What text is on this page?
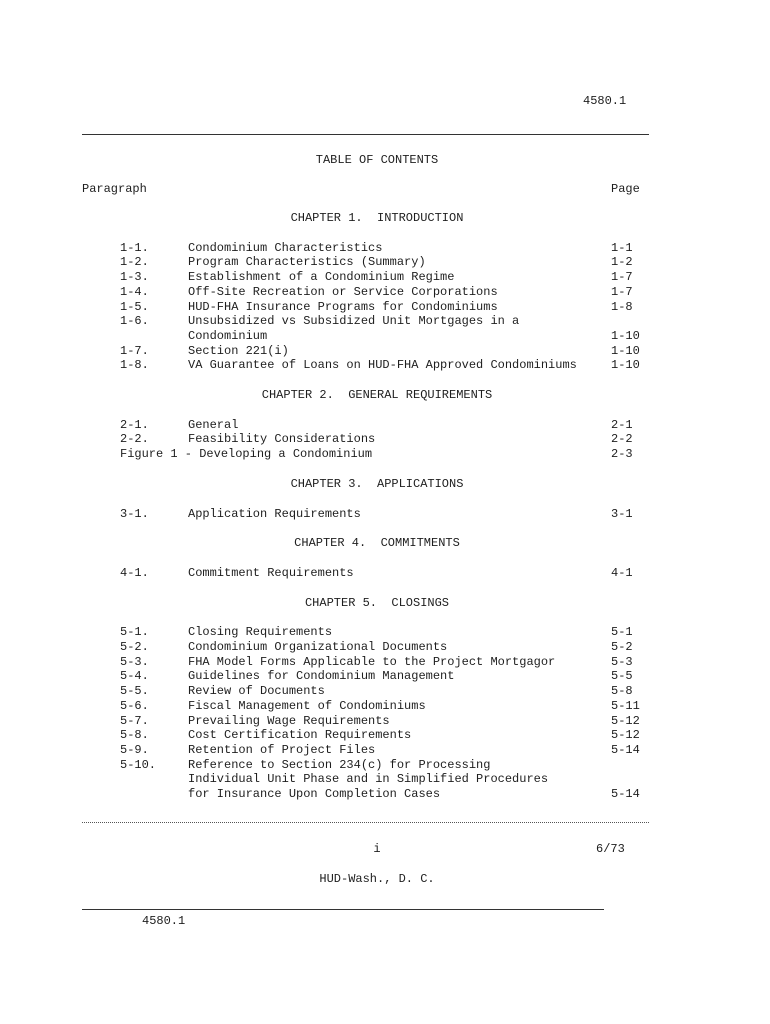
4580.1
TABLE OF CONTENTS
Paragraph	Page
CHAPTER 1.  INTRODUCTION
1-1.	Condominium Characteristics	1-1
1-2.	Program Characteristics (Summary)	1-2
1-3.	Establishment of a Condominium Regime	1-7
1-4.	Off-Site Recreation or Service Corporations	1-7
1-5.	HUD-FHA Insurance Programs for Condominiums	1-8
1-6.	Unsubsidized vs Subsidized Unit Mortgages in a
Condominium	1-10
1-7.	Section 221(i)	1-10
1-8.	VA Guarantee of Loans on HUD-FHA Approved Condominiums	1-10
CHAPTER 2.  GENERAL REQUIREMENTS
2-1.	General	2-1
2-2.	Feasibility Considerations	2-2
Figure 1 - Developing a Condominium	2-3
CHAPTER 3.  APPLICATIONS
3-1.	Application Requirements	3-1
CHAPTER 4.  COMMITMENTS
4-1.	Commitment Requirements	4-1
CHAPTER 5.  CLOSINGS
5-1.	Closing Requirements	5-1
5-2.	Condominium Organizational Documents	5-2
5-3.	FHA Model Forms Applicable to the Project Mortgagor	5-3
5-4.	Guidelines for Condominium Management	5-5
5-5.	Review of Documents	5-8
5-6.	Fiscal Management of Condominiums	5-11
5-7.	Prevailing Wage Requirements	5-12
5-8.	Cost Certification Requirements	5-12
5-9.	Retention of Project Files	5-14
5-10.	Reference to Section 234(c) for Processing
Individual Unit Phase and in Simplified Procedures
for Insurance Upon Completion Cases	5-14
i	6/73
HUD-Wash., D. C.
4580.1
